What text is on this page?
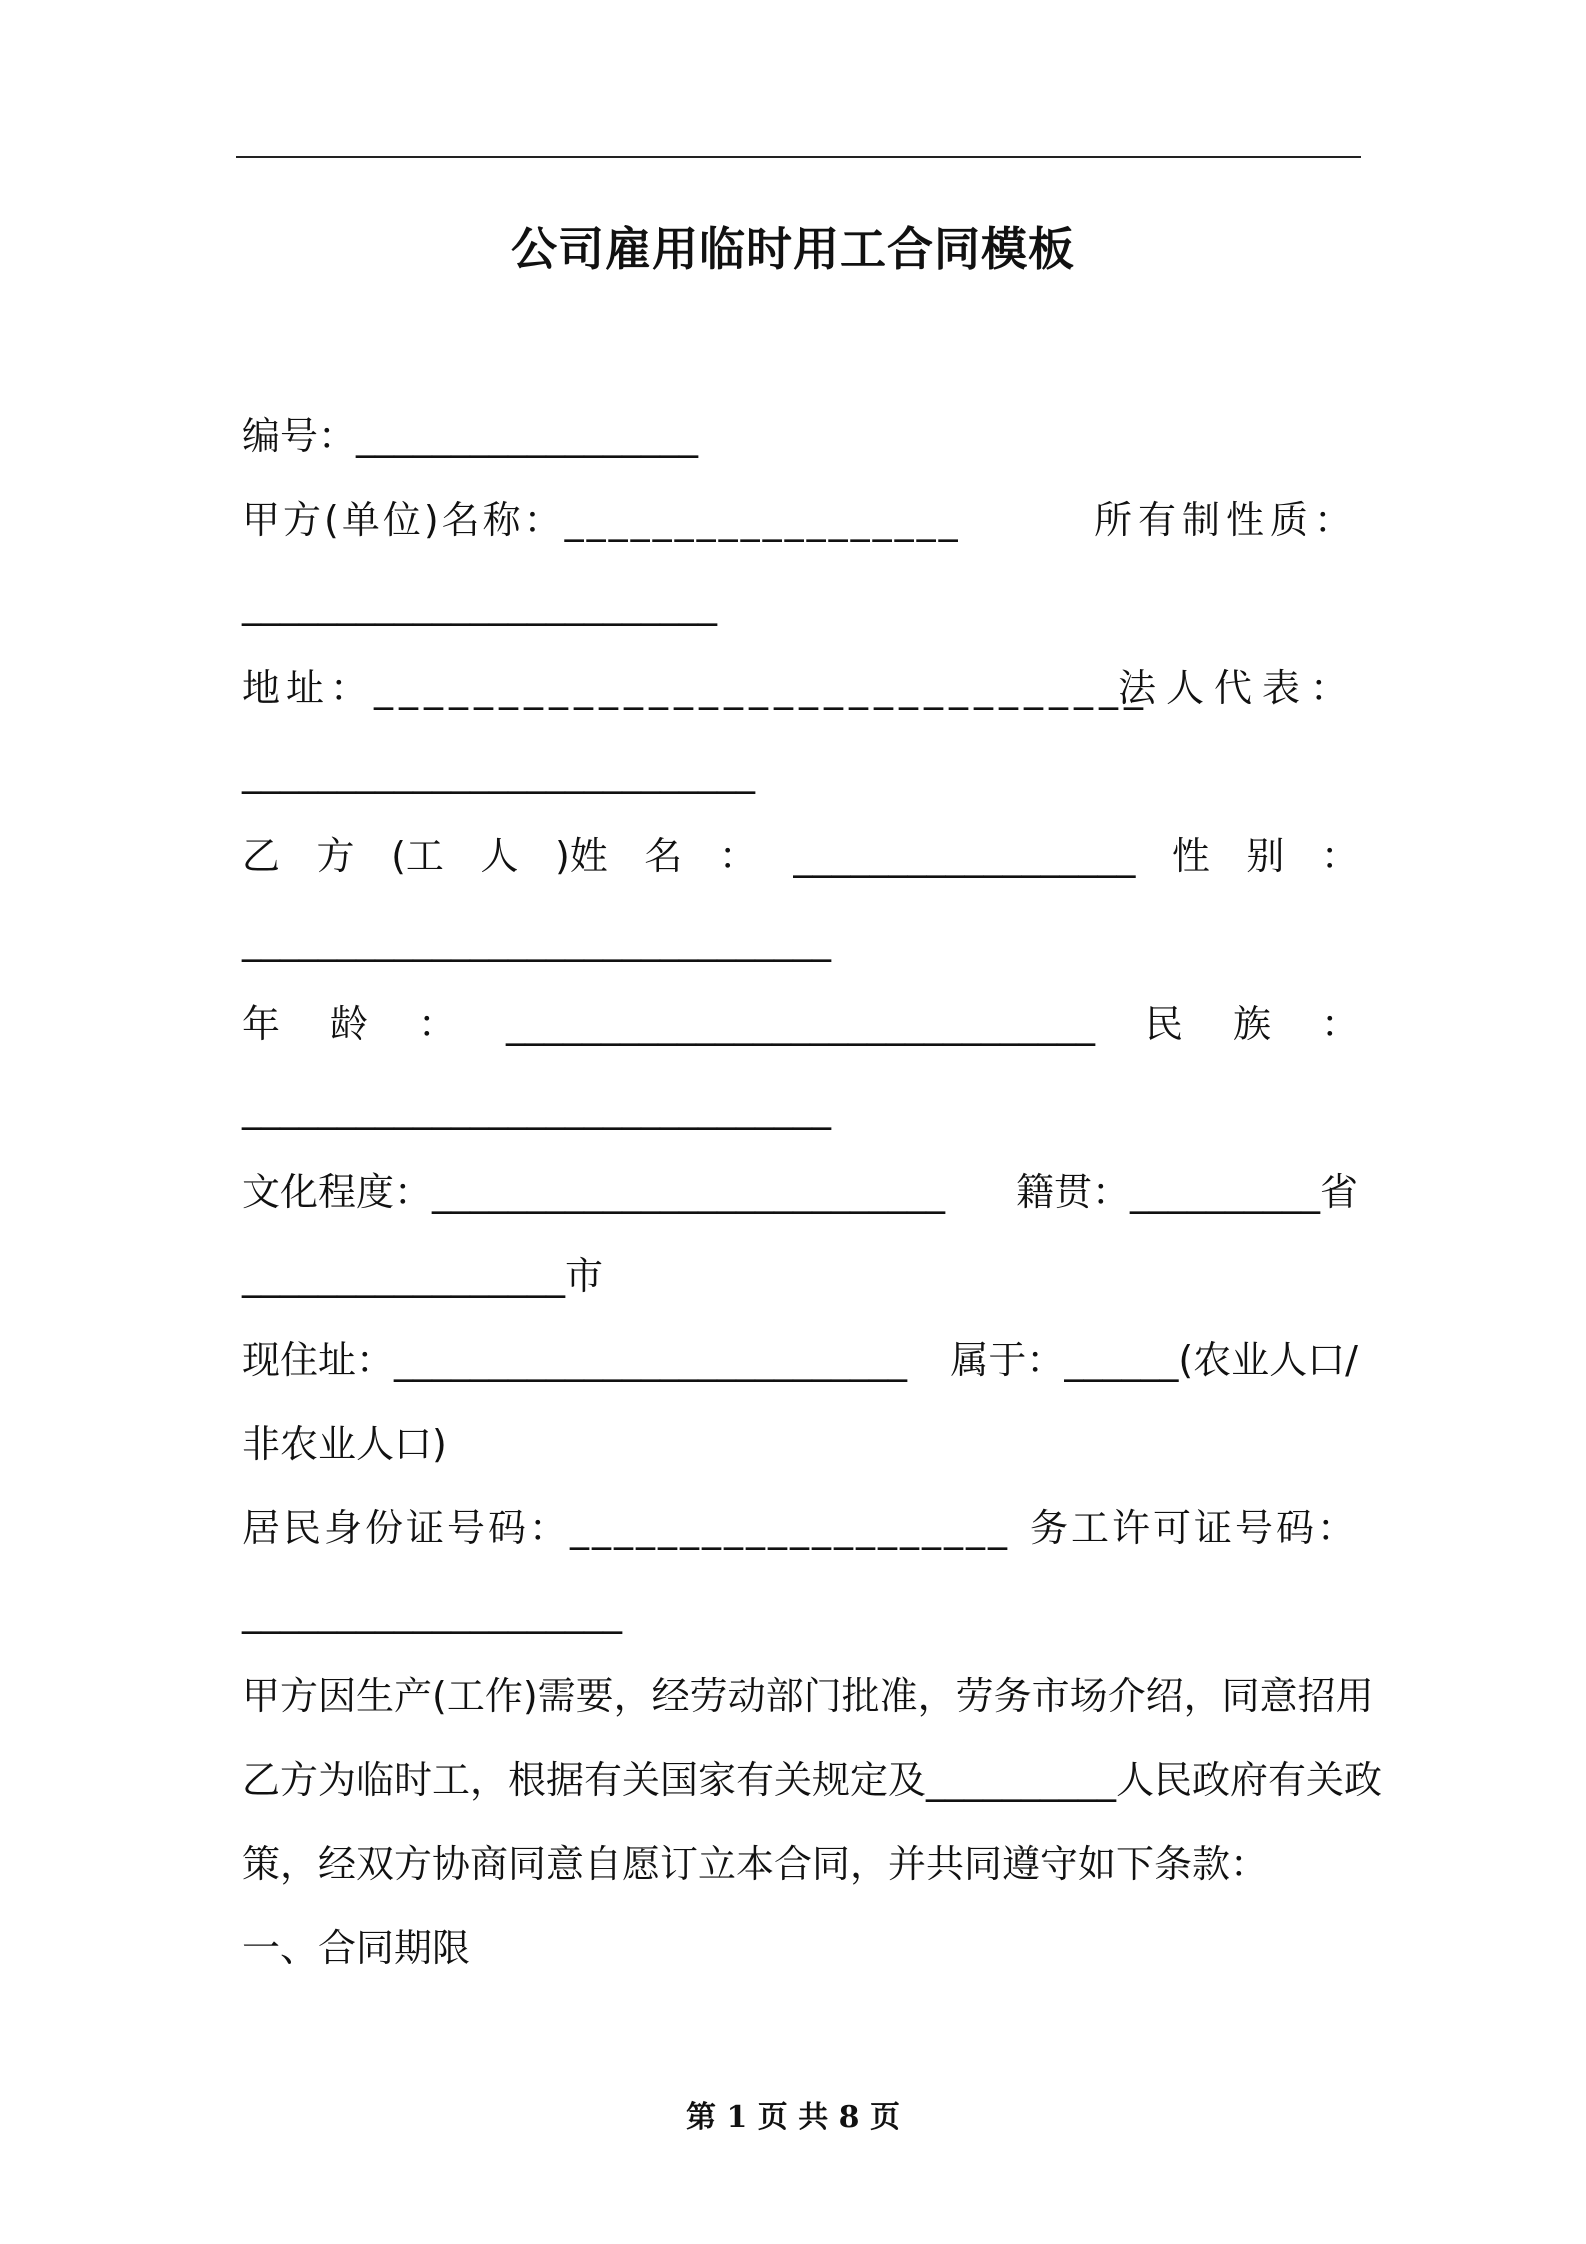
公司雇用临时用工合同模板
编号：__________________
甲方(单位)名称：__________________	所有制性质：
_________________________
地址：_______________________________
法人代表：
___________________________
乙 方 (工 人 )姓 名 ： __________________ 性 别 ：
_______________________________
年 龄 ： _______________________________ 民 族 ：
_______________________________
文化程度：___________________________ 籍贯：__________省
_________________市
现住址：___________________________ 属于：______(农业人口/
非农业人口)
居民身份证号码：____________________ 务工许可证号码：
____________________
甲方因生产(工作)需要，经劳动部门批准，劳务市场介绍，同意招用
乙方为临时工，根据有关国家有关规定及__________人民政府有关政
策，经双方协商同意自愿订立本合同，并共同遵守如下条款：
一、合同期限
第 1 页 共 8 页
